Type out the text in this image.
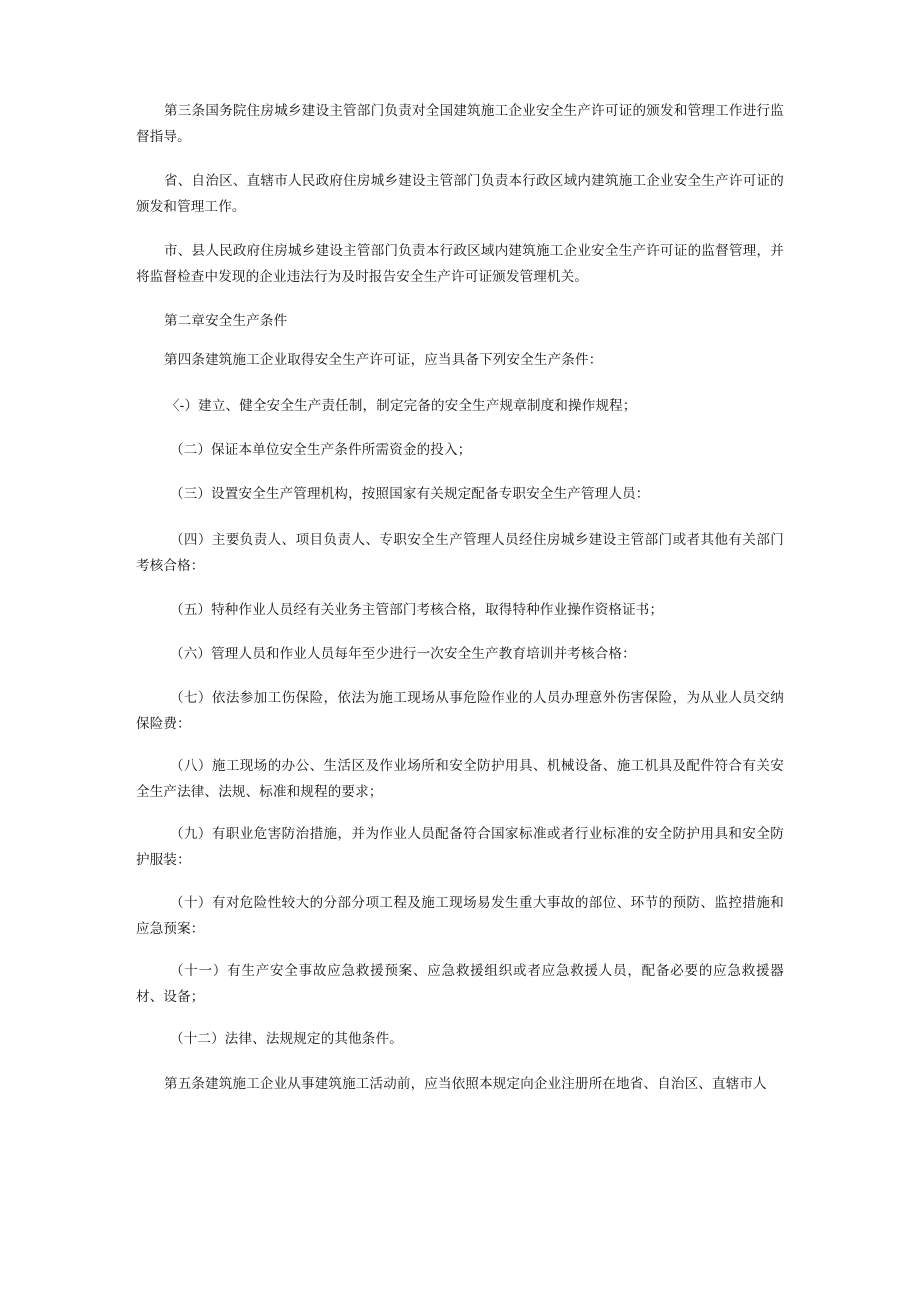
第三条国务院住房城乡建设主管部门负责对全国建筑施工企业安全生产许可证的颁发和管理工作进行监督指导。

省、自治区、直辖市人民政府住房城乡建设主管部门负责本行政区域内建筑施工企业安全生产许可证的颁发和管理工作。

市、县人民政府住房城乡建设主管部门负责本行政区域内建筑施工企业安全生产许可证的监督管理，并将监督检查中发现的企业违法行为及时报告安全生产许可证颁发管理机关。

第二章安全生产条件

第四条建筑施工企业取得安全生产许可证，应当具备下列安全生产条件：

〈-）建立、健全安全生产责任制，制定完备的安全生产规章制度和操作规程；

（二）保证本单位安全生产条件所需资金的投入；

（三）设置安全生产管理机构，按照国家有关规定配备专职安全生产管理人员：

（四）主要负责人、项目负责人、专职安全生产管理人员经住房城乡建设主管部门或者其他有关部门考核合格：

（五）特种作业人员经有关业务主管部门考核合格，取得特种作业操作资格证书；

（六）管理人员和作业人员每年至少进行一次安全生产教育培训并考核合格：

（七）依法参加工伤保险，依法为施工现场从事危险作业的人员办理意外伤害保险，为从业人员交纳保险费：

（八）施工现场的办公、生活区及作业场所和安全防护用具、机械设备、施工机具及配件符合有关安全生产法律、法规、标准和规程的要求；

（九）有职业危害防治措施，并为作业人员配备符合国家标准或者行业标准的安全防护用具和安全防护服装：

（十）有对危险性较大的分部分项工程及施工现场易发生重大事故的部位、环节的预防、监控措施和应急预案：

（十一）有生产安全事故应急救援预案、应急救援组织或者应急救援人员，配备必要的应急救援器材、设备；

（十二）法律、法规规定的其他条件。

第五条建筑施工企业从事建筑施工活动前，应当依照本规定向企业注册所在地省、自治区、直辖市人
